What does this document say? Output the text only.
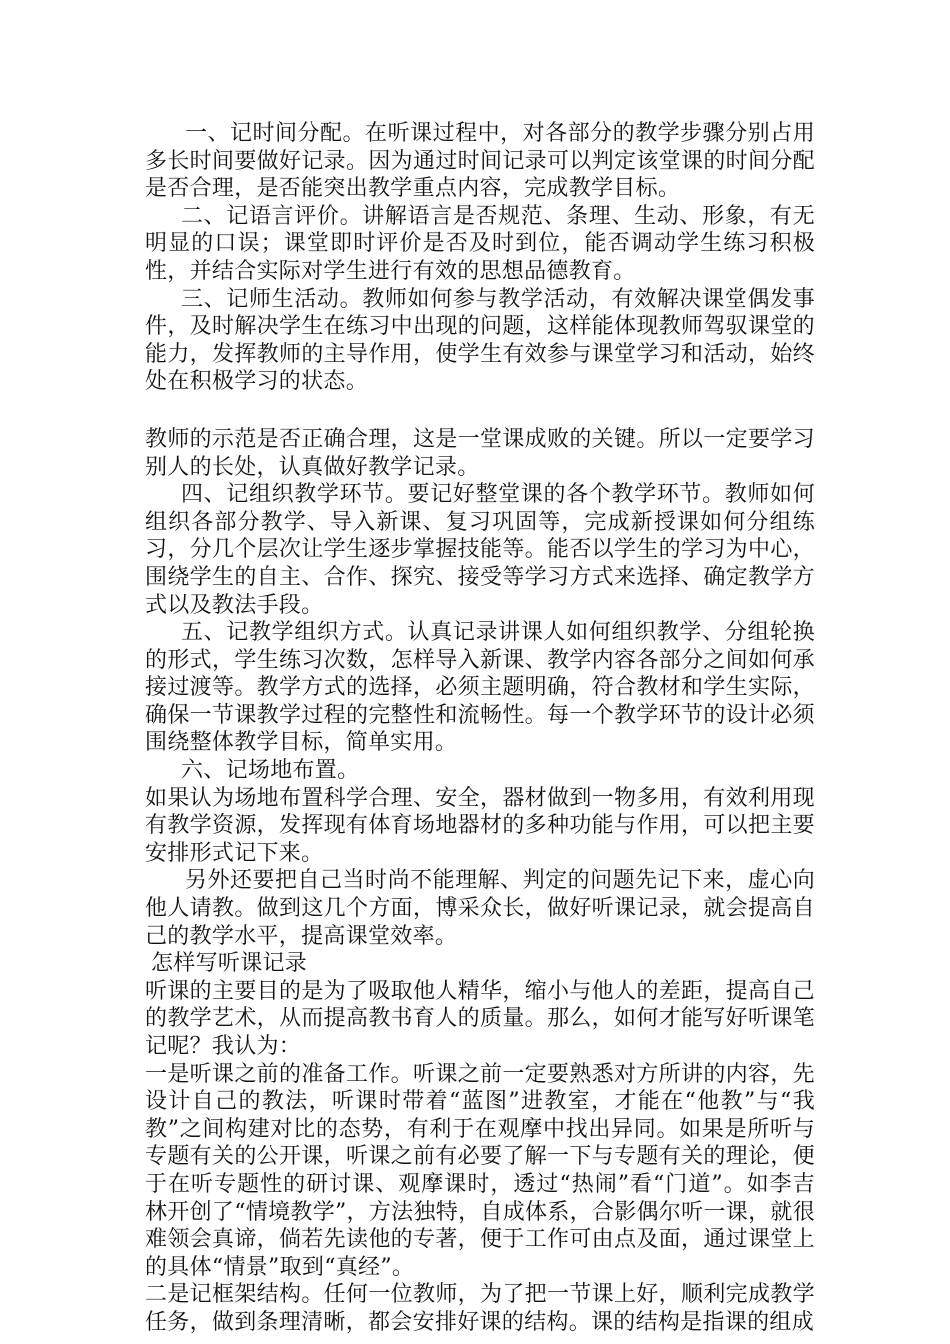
一、记时间分配。在听课过程中，对各部分的教学步骤分别占用多长时间要做好记录。因为通过时间记录可以判定该堂课的时间分配是否合理，是否能突出教学重点内容，完成教学目标。

二、记语言评价。讲解语言是否规范、条理、生动、形象，有无明显的口误；课堂即时评价是否及时到位，能否调动学生练习积极性，并结合实际对学生进行有效的思想品德教育。

三、记师生活动。教师如何参与教学活动，有效解决课堂偶发事件，及时解决学生在练习中出现的问题，这样能体现教师驾驭课堂的能力，发挥教师的主导作用，使学生有效参与课堂学习和活动，始终处在积极学习的状态。

教师的示范是否正确合理，这是一堂课成败的关键。所以一定要学习别人的长处，认真做好教学记录。

四、记组织教学环节。要记好整堂课的各个教学环节。教师如何组织各部分教学、导入新课、复习巩固等，完成新授课如何分组练习，分几个层次让学生逐步掌握技能等。能否以学生的学习为中心，围绕学生的自主、合作、探究、接受等学习方式来选择、确定教学方式以及教法手段。

五、记教学组织方式。认真记录讲课人如何组织教学、分组轮换的形式，学生练习次数，怎样导入新课、教学内容各部分之间如何承接过渡等。教学方式的选择，必须主题明确，符合教材和学生实际，确保一节课教学过程的完整性和流畅性。每一个教学环节的设计必须围绕整体教学目标，简单实用。

六、记场地布置。

如果认为场地布置科学合理、安全，器材做到一物多用，有效利用现有教学资源，发挥现有体育场地器材的多种功能与作用，可以把主要安排形式记下来。

另外还要把自己当时尚不能理解、判定的问题先记下来，虚心向他人请教。做到这几个方面，博采众长，做好听课记录，就会提高自己的教学水平，提高课堂效率。

怎样写听课记录

听课的主要目的是为了吸取他人精华，缩小与他人的差距，提高自己的教学艺术，从而提高教书育人的质量。那么，如何才能写好听课笔记呢？我认为：

一是听课之前的准备工作。听课之前一定要熟悉对方所讲的内容，先设计自己的教法，听课时带着“蓝图”进教室，才能在“他教”与“我教”之间构建对比的态势，有利于在观摩中找出异同。如果是所听与专题有关的公开课，听课之前有必要了解一下与专题有关的理论，便于在听专题性的研讨课、观摩课时，透过“热闹”看“门道”。如李吉林开创了“情境教学”，方法独特，自成体系，合影偶尔听一课，就很难领会真谛，倘若先读他的专著，便于工作可由点及面，通过课堂上的具体“情景”取到“真经”。

二是记框架结构。任何一位教师，为了把一节课上好，顺利完成教学任务，做到条理清晰，都会安排好课的结构。课的结构是指课的组成
